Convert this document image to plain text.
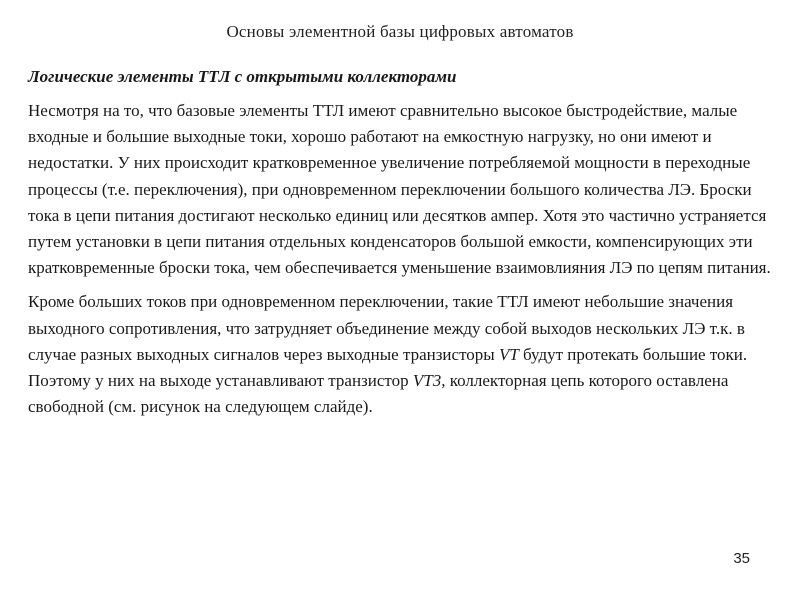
Основы элементной базы цифровых автоматов
Логические элементы ТТЛ с открытыми коллекторами

Несмотря на то, что базовые элементы ТТЛ имеют сравнительно высокое быстродействие, малые входные и большие выходные токи, хорошо работают на емкостную нагрузку, но они имеют и недостатки. У них происходит кратковременное увеличение потребляемой мощности в переходные процессы (т.е. переключения), при одновременном переключении большого количества ЛЭ. Броски тока в цепи питания достигают несколько единиц или десятков ампер. Хотя это частично устраняется путем установки в цепи питания отдельных конденсаторов большой емкости, компенсирующих эти кратковременные броски тока, чем обеспечивается уменьшение взаимовлияния ЛЭ по цепям питания.

Кроме больших токов при одновременном переключении, такие ТТЛ имеют небольшие значения выходного сопротивления, что затрудняет объединение между собой выходов нескольких ЛЭ т.к. в случае разных выходных сигналов через выходные транзисторы VT будут протекать большие токи. Поэтому у них на выходе устанавливают транзистор VT3, коллекторная цепь которого оставлена свободной (см. рисунок на следующем слайде).

35
